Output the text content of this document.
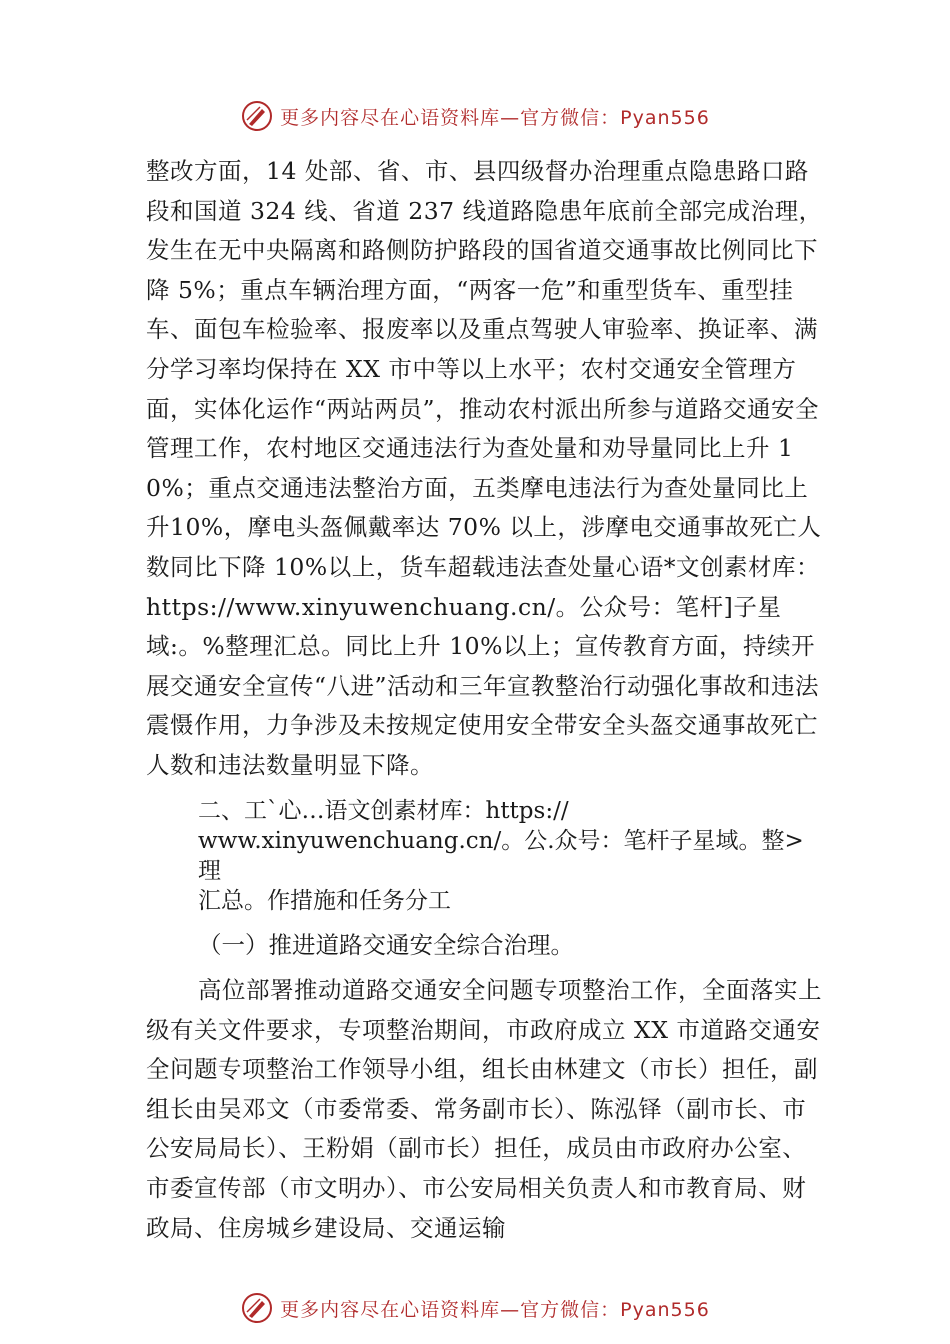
更多内容尽在心语资料库—官方微信：Pyan556

整改方面，14 处部、省、市、县四级督办治理重点隐患路口路段和国道 324 线、省道 237 线道路隐患年底前全部完成治理，发生在无中央隔离和路侧防护路段的国省道交通事故比例同比下降 5%；重点车辆治理方面，“两客一危”和重型货车、重型挂车、面包车检验率、报废率以及重点驾驶人审验率、换证率、满分学习率均保持在 XX 市中等以上水平；农村交通安全管理方面，实体化运作“两站两员”，推动农村派出所参与道路交通安全管理工作，农村地区交通违法行为查处量和劝导量同比上升 10%；重点交通违法整治方面，五类摩电违法行为查处量同比上升10%，摩电头盔佩戴率达 70% 以上，涉摩电交通事故死亡人数同比下降 10%以上，货车超载违法查处量心语*文创素材库：https://www.xinyuwenchuang.cn/。公众号：笔杆]子星域:。%整理汇总。同比上升 10%以上；宣传教育方面，持续开展交通安全宣传“八进”活动和三年宣教整治行动强化事故和违法震慑作用，力争涉及未按规定使用安全带安全头盔交通事故死亡人数和违法数量明显下降。

二、工`心…语文创素材库：https://
www.xinyuwenchuang.cn/。公.众号：笔杆子星域。整>理
汇总。作措施和任务分工

（一）推进道路交通安全综合治理。

高位部署推动道路交通安全问题专项整治工作，全面落实上级有关文件要求，专项整治期间，市政府成立 XX 市道路交通安全问题专项整治工作领导小组，组长由林建文（市长）担任，副组长由吴邓文（市委常委、常务副市长）、陈泓铎（副市长、市公安局局长）、王粉娟（副市长）担任，成员由市政府办公室、市委宣传部（市文明办）、市公安局相关负责人和市教育局、财政局、住房城乡建设局、交通运输

更多内容尽在心语资料库—官方微信：Pyan556
